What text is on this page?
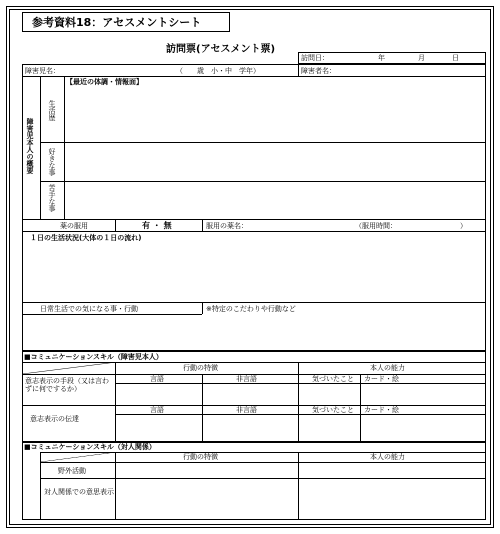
参考資料18：アセスメントシート
訪問票(アセスメント票)
訪問日：	年	月	日
障害児名：	（　　歳　小・中　学年）	障害者名：
障害児本人の概要
【最近の体調・情報面】
生活歴
好きな事
苦手な事
薬の服用	有 ・ 無	服用の薬名：	（服用時間：	）
１日の生活状況(大体の１日の流れ)
日常生活での気になる事・行動	※特定のこだわりや行動など
■コミュニケーションスキル（障害児本人）
行動の特徴	本人の能力
意志表示の手段（又は言わずに何でするか）
言語	非言語	気づいたこと カード・絵
意志表示の伝達
言語	非言語	気づいたこと カード・絵
■コミュニケーションスキル（対人関係）
行動の特徴	本人の能力
野外活動
対人関係での意思表示
